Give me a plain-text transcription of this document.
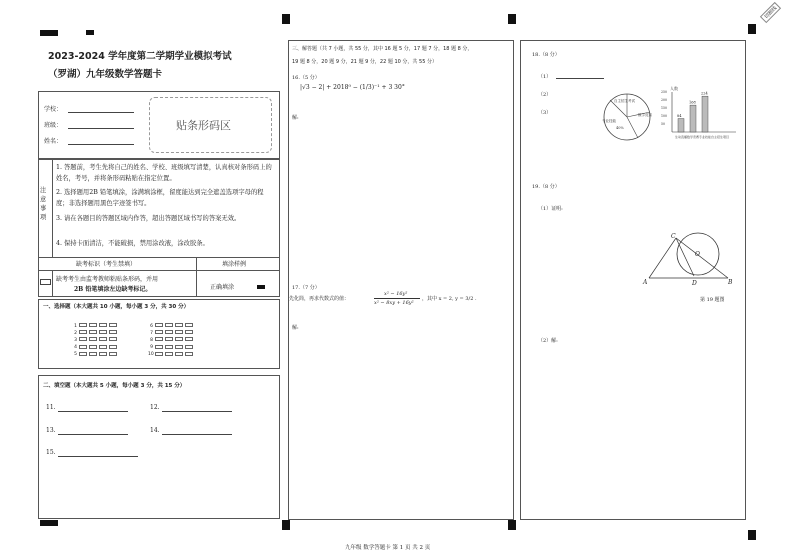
切割线
2023-2024 学年度第二学期学业模拟考试
（罗湖）九年级数学答题卡
学校：
班级：
姓名：
贴条形码区
注意事项
1. 答题前，考生先将自己的姓名、学校、班级填写清楚，认真核对条形码上的姓名，考号，并将条形码粘贴在指定位置。
2. 选择题用2B 铅笔填涂，涂满填涂框，留度能达到完全遮盖选项字母的程度；非选择题用黑色字迹签书写。
3. 请在各题目的答题区域内作答，超出答题区域书写的答案无效。
4. 保持卡面清洁，不能破损，禁用涂改液，涂改胶条。
缺考标识（考生禁填）	填涂样例
缺考考生由监考教师粘贴条形码，并用
2B 铅笔填涂左边缺考标记。	正确填涂
一、选择题（本大题共 10 小题，每小题 3 分，共 30 分）
1
2
3
4
5
6
7
8
9
10
二、填空题（本大题共 5 小题，每小题 3 分，共 15 分）
11.	12.
13.	14.
15.
三、解答题（共 7 小题，共 55 分，其中 16 题 5 分，17 题 7 分，18 题 8 分，
19 题 8 分，20 题 9 分，21 题 9 分，22 题 10 分，共 55 分）
16.（5 分）
|√3 − 2| + 2018⁰ − (1/3)⁻¹ + 3 30°
解:
17.（7 分）
先化简，再求代数式的值：
x² − 16y²
x² − 8xy + 16y²
，其中 x = 2, y = 3/2 .
解:
18.（8 分）
（1）
（2）
（3）
自主招生考试
专业技能
数学竞赛
40%
人数
250
200
150
100
50
84
168
224
生动直播 数学竞赛 专业技能 自主招生 项目
19.（8 分）
（1）证明:
A	B
C
D
O
第 19 题图
（2）解:
九年级 数学答题卡 第 1 页 共 2 页
